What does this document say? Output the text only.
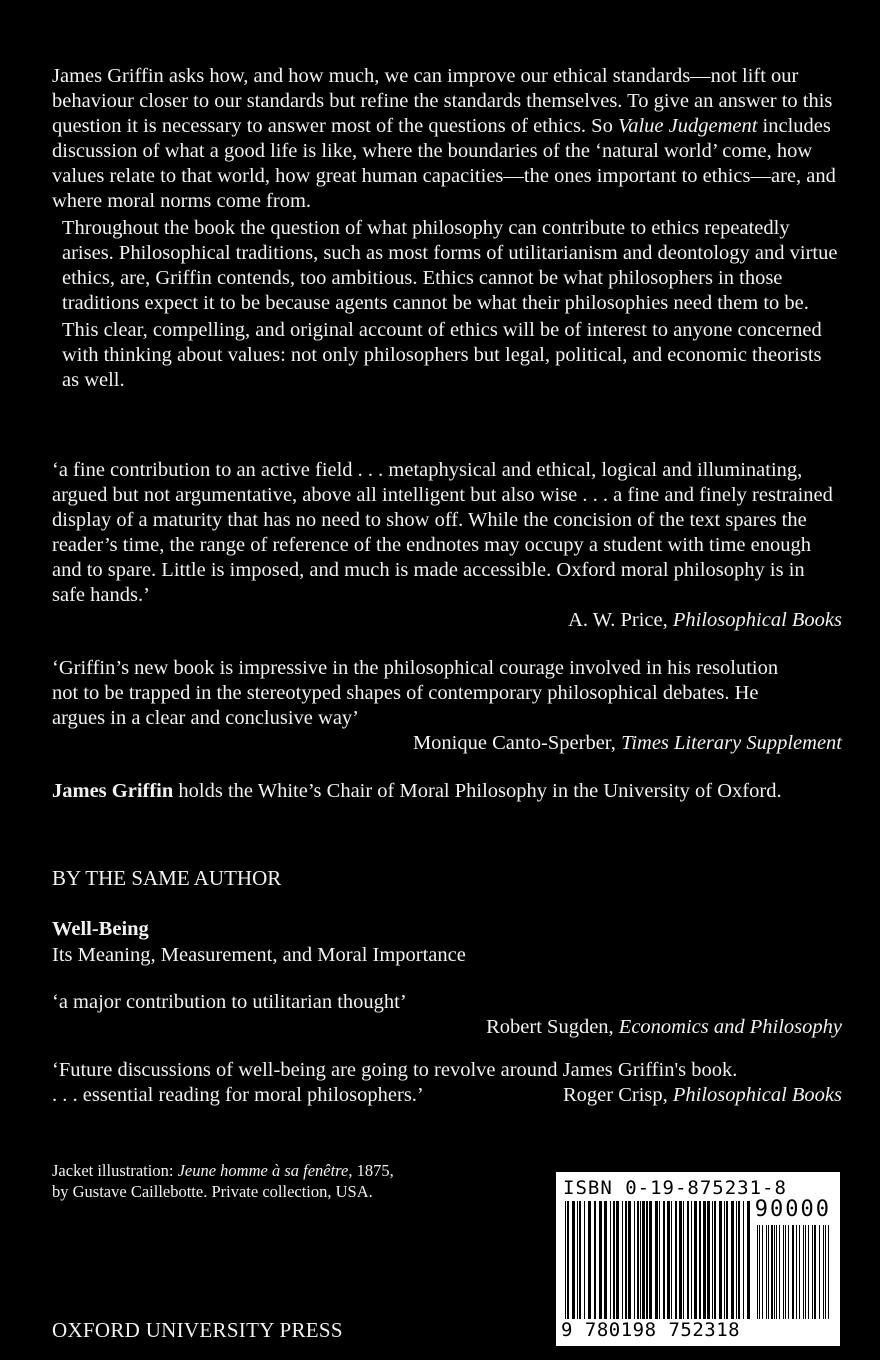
James Griffin asks how, and how much, we can improve our ethical standards—not lift our behaviour closer to our standards but refine the standards themselves. To give an answer to this question it is necessary to answer most of the questions of ethics. So Value Judgement includes discussion of what a good life is like, where the boundaries of the ‘natural world’ come, how values relate to that world, how great human capacities—the ones important to ethics—are, and where moral norms come from.

Throughout the book the question of what philosophy can contribute to ethics repeatedly arises. Philosophical traditions, such as most forms of utilitarianism and deontology and virtue ethics, are, Griffin contends, too ambitious. Ethics cannot be what philosophers in those traditions expect it to be because agents cannot be what their philosophies need them to be.

This clear, compelling, and original account of ethics will be of interest to anyone concerned with thinking about values: not only philosophers but legal, political, and economic theorists as well.

‘a fine contribution to an active field . . . metaphysical and ethical, logical and illuminating, argued but not argumentative, above all intelligent but also wise . . . a fine and finely restrained display of a maturity that has no need to show off. While the concision of the text spares the reader’s time, the range of reference of the endnotes may occupy a student with time enough and to spare. Little is imposed, and much is made accessible. Oxford moral philosophy is in safe hands.’

A. W. Price, Philosophical Books

‘Griffin’s new book is impressive in the philosophical courage involved in his resolution not to be trapped in the stereotyped shapes of contemporary philosophical debates. He argues in a clear and conclusive way’

Monique Canto-Sperber, Times Literary Supplement

James Griffin holds the White’s Chair of Moral Philosophy in the University of Oxford.
BY THE SAME AUTHOR
Well-Being
Its Meaning, Measurement, and Moral Importance

‘a major contribution to utilitarian thought’

Robert Sugden, Economics and Philosophy

‘Future discussions of well-being are going to revolve around James Griffin's book.

. . . essential reading for moral philosophers.’	Roger Crisp, Philosophical Books

Jacket illustration: Jeune homme à sa fenêtre, 1875,
by Gustave Caillebotte. Private collection, USA.	ISBN 0-19-875231-8
90000
9 780198 752318
OXFORD UNIVERSITY PRESS
